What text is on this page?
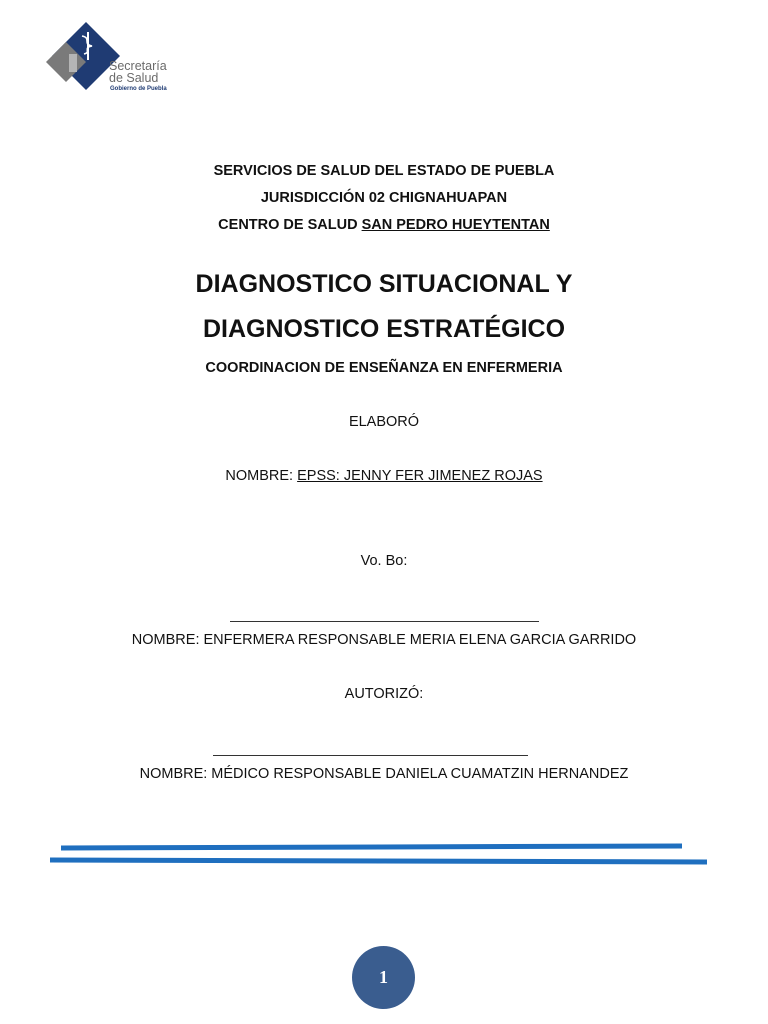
Secretaría
de Salud
Gobierno de Puebla
SERVICIOS DE SALUD DEL ESTADO DE PUEBLA
JURISDICCIÓN 02 CHIGNAHUAPAN
CENTRO DE SALUD SAN PEDRO HUEYTENTAN
DIAGNOSTICO SITUACIONAL Y
DIAGNOSTICO ESTRATÉGICO
COORDINACION DE ENSEÑANZA EN ENFERMERIA
ELABORÓ
NOMBRE: EPSS: JENNY FER JIMENEZ ROJAS
Vo. Bo:
NOMBRE: ENFERMERA RESPONSABLE MERIA ELENA GARCIA GARRIDO
AUTORIZÓ:
NOMBRE: MÉDICO RESPONSABLE DANIELA CUAMATZIN HERNANDEZ
1
